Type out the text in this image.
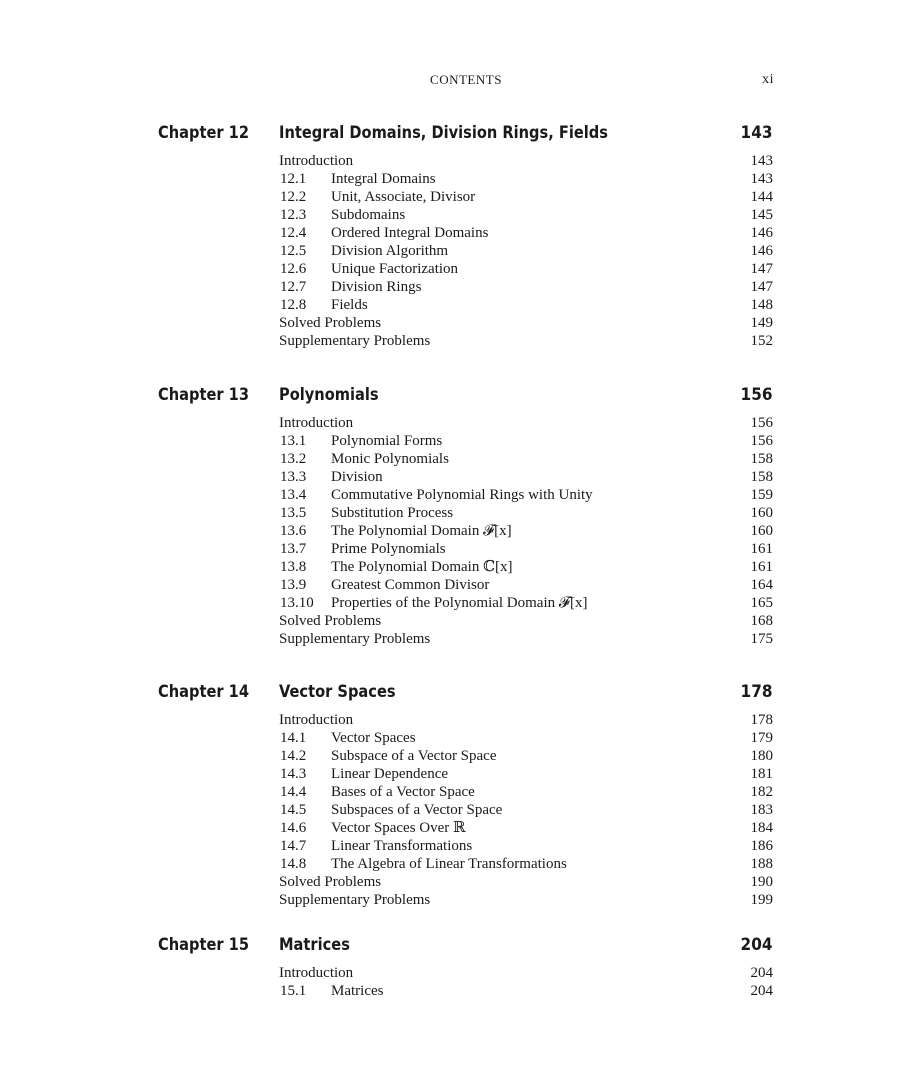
CONTENTS	xi
Chapter 12 Integral Domains, Division Rings, Fields	143
Introduction	143
12.1 Integral Domains	143
12.2 Unit, Associate, Divisor	144
12.3 Subdomains	145
12.4 Ordered Integral Domains	146
12.5 Division Algorithm	146
12.6 Unique Factorization	147
12.7 Division Rings	147
12.8 Fields	148
Solved Problems	149
Supplementary Problems	152
Chapter 13 Polynomials	156
Introduction	156
13.1 Polynomial Forms	156
13.2 Monic Polynomials	158
13.3 Division	158
13.4 Commutative Polynomial Rings with Unity	159
13.5 Substitution Process	160
13.6 The Polynomial Domain 𝓕[x]	160
13.7 Prime Polynomials	161
13.8 The Polynomial Domain ℂ[x]	161
13.9 Greatest Common Divisor	164
13.10 Properties of the Polynomial Domain 𝓕[x]	165
Solved Problems	168
Supplementary Problems	175
Chapter 14 Vector Spaces	178
Introduction	178
14.1 Vector Spaces	179
14.2 Subspace of a Vector Space	180
14.3 Linear Dependence	181
14.4 Bases of a Vector Space	182
14.5 Subspaces of a Vector Space	183
14.6 Vector Spaces Over ℝ	184
14.7 Linear Transformations	186
14.8 The Algebra of Linear Transformations	188
Solved Problems	190
Supplementary Problems	199
Chapter 15 Matrices	204
Introduction	204
15.1 Matrices	204
